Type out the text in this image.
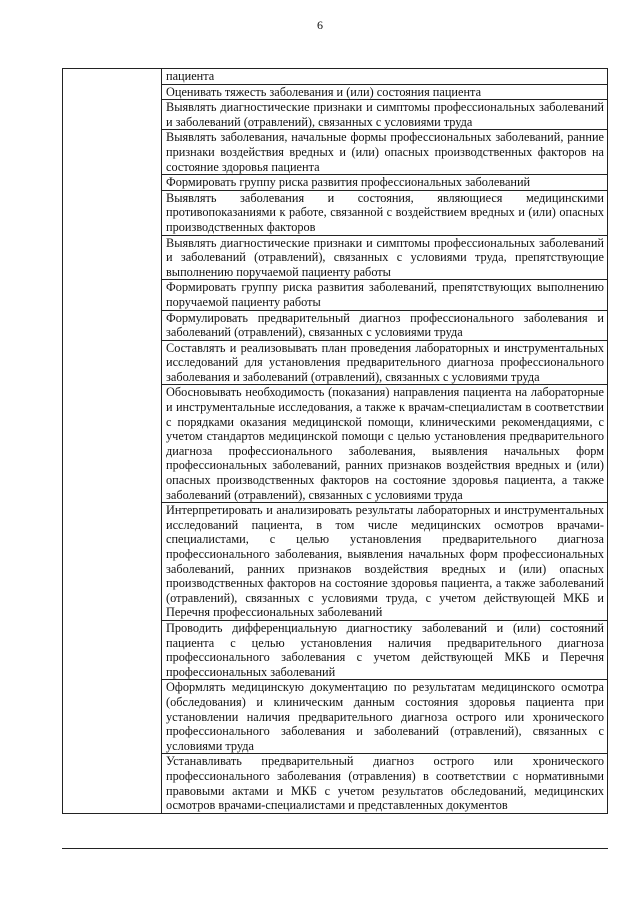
6

пациента

Оценивать тяжесть заболевания и (или) состояния пациента

Выявлять диагностические признаки и симптомы профессиональных заболеваний и заболеваний (отравлений), связанных с условиями труда

Выявлять заболевания, начальные формы профессиональных заболеваний, ранние признаки воздействия вредных и (или) опасных производственных факторов на состояние здоровья пациента

Формировать группу риска развития профессиональных заболеваний

Выявлять заболевания и состояния, являющиеся медицинскими противопоказаниями к работе, связанной с воздействием вредных и (или) опасных производственных факторов

Выявлять диагностические признаки и симптомы профессиональных заболеваний и заболеваний (отравлений), связанных с условиями труда, препятствующие выполнению поручаемой пациенту работы

Формировать группу риска развития заболеваний, препятствующих выполнению поручаемой пациенту работы

Формулировать предварительный диагноз профессионального заболевания и заболеваний (отравлений), связанных с условиями труда

Составлять и реализовывать план проведения лабораторных и инструментальных исследований для установления предварительного диагноза профессионального заболевания и заболеваний (отравлений), связанных с условиями труда

Обосновывать необходимость (показания) направления пациента на лабораторные и инструментальные исследования, а также к врачам-специалистам в соответствии с порядками оказания медицинской помощи, клиническими рекомендациями, с учетом стандартов медицинской помощи с целью установления предварительного диагноза профессионального заболевания, выявления начальных форм профессиональных заболеваний, ранних признаков воздействия вредных и (или) опасных производственных факторов на состояние здоровья пациента, а также заболеваний (отравлений), связанных с условиями труда

Интерпретировать и анализировать результаты лабораторных и инструментальных исследований пациента, в том числе медицинских осмотров врачами-специалистами, с целью установления предварительного диагноза профессионального заболевания, выявления начальных форм профессиональных заболеваний, ранних признаков воздействия вредных и (или) опасных производственных факторов на состояние здоровья пациента, а также заболеваний (отравлений), связанных с условиями труда, с учетом действующей МКБ и Перечня профессиональных заболеваний

Проводить дифференциальную диагностику заболеваний и (или) состояний пациента с целью установления наличия предварительного диагноза профессионального заболевания с учетом действующей МКБ и Перечня профессиональных заболеваний

Оформлять медицинскую документацию по результатам медицинского осмотра (обследования) и клиническим данным состояния здоровья пациента при установлении наличия предварительного диагноза острого или хронического профессионального заболевания и заболеваний (отравлений), связанных с условиями труда

Устанавливать предварительный диагноз острого или хронического профессионального заболевания (отравления) в соответствии с нормативными правовыми актами и МКБ с учетом результатов обследований, медицинских осмотров врачами-специалистами и представленных документов
